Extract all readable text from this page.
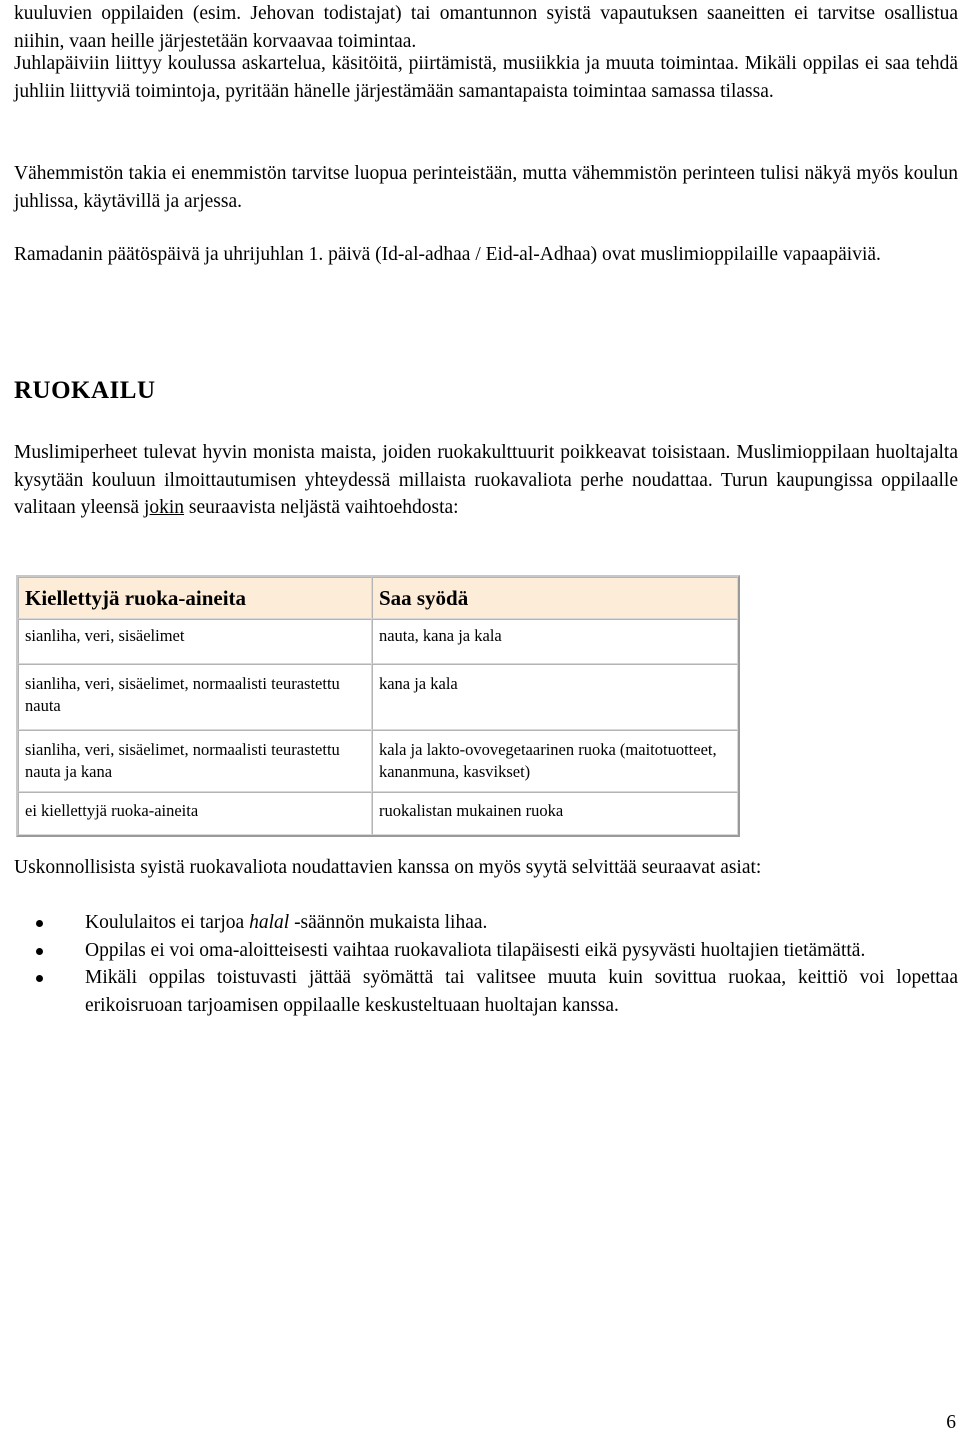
kuuluvien oppilaiden (esim. Jehovan todistajat) tai omantunnon syistä vapautuksen saaneitten ei tarvitse osallistua niihin, vaan heille järjestetään korvaavaa toimintaa.

Juhlapäiviin liittyy koulussa askartelua, käsitöitä, piirtämistä, musiikkia ja muuta toimintaa. Mikäli oppilas ei saa tehdä juhliin liittyviä toimintoja, pyritään hänelle järjestämään samantapaista toimintaa samassa tilassa.

Vähemmistön takia ei enemmistön tarvitse luopua perinteistään, mutta vähemmistön perinteen tulisi näkyä myös koulun juhlissa, käytävillä ja arjessa.

Ramadanin päätöspäivä ja uhrijuhlan 1. päivä (Id-al-adhaa / Eid-al-Adhaa) ovat muslimioppilaille vapaapäiviä.

RUOKAILU

Muslimiperheet tulevat hyvin monista maista, joiden ruokakulttuurit poikkeavat toisistaan. Muslimioppilaan huoltajalta kysytään kouluun ilmoittautumisen yhteydessä millaista ruokavaliota perhe noudattaa. Turun kaupungissa oppilaalle valitaan yleensä jokin seuraavista neljästä vaihtoehdosta:

Kiellettyjä ruoka-aineita	Saa syödä
sianliha, veri, sisäelimet	nauta, kana ja kala
sianliha, veri, sisäelimet, normaalisti teurastettu nauta	kana ja kala
sianliha, veri, sisäelimet, normaalisti teurastettu nauta ja kana	kala ja lakto-ovovegetaarinen ruoka (maitotuotteet, kananmuna, kasvikset)
ei kiellettyjä ruoka-aineita	ruokalistan mukainen ruoka

Uskonnollisista syistä ruokavaliota noudattavien kanssa on myös syytä selvittää seuraavat asiat:

Koululaitos ei tarjoa halal -säännön mukaista lihaa.
Oppilas ei voi oma-aloitteisesti vaihtaa ruokavaliota tilapäisesti eikä pysyvästi huoltajien tietämättä.
Mikäli oppilas toistuvasti jättää syömättä tai valitsee muuta kuin sovittua ruokaa, keittiö voi lopettaa erikoisruoan tarjoamisen oppilaalle keskusteltuaan huoltajan kanssa.
6
